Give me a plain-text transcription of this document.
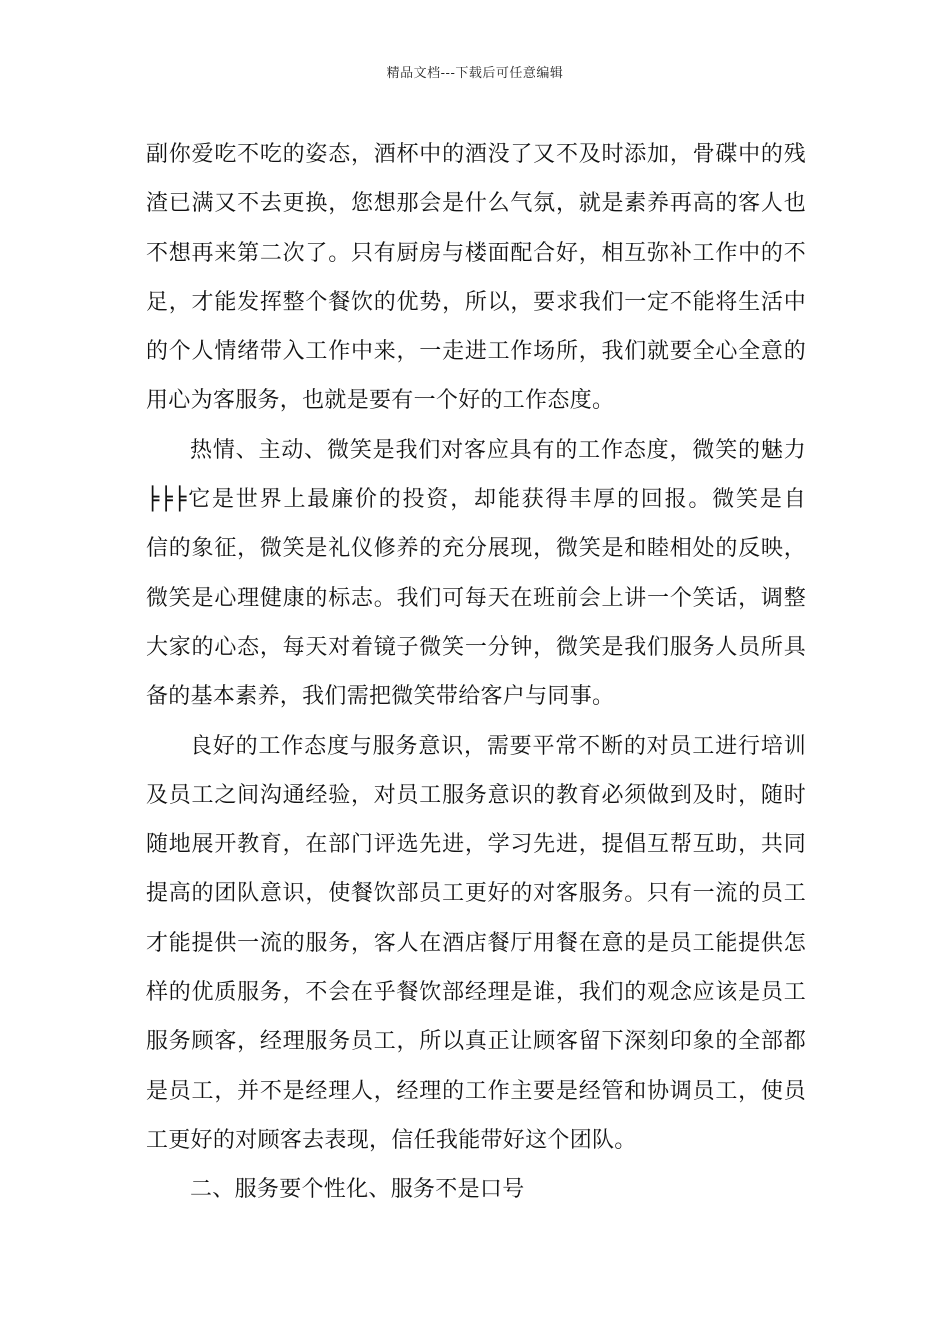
精品文档---下载后可任意编辑
副你爱吃不吃的姿态，酒杯中的酒没了又不及时添加，骨碟中的残
渣已满又不去更换，您想那会是什么气氛，就是素养再高的客人也
不想再来第二次了。只有厨房与楼面配合好，相互弥补工作中的不
足，才能发挥整个餐饮的优势，所以，要求我们一定不能将生活中
的个人情绪带入工作中来，一走进工作场所，我们就要全心全意的
用心为客服务，也就是要有一个好的工作态度。
热情、主动、微笑是我们对客应具有的工作态度，微笑的魅力
╞╞╞它是世界上最廉价的投资，却能获得丰厚的回报。微笑是自
信的象征，微笑是礼仪修养的充分展现，微笑是和睦相处的反映，
微笑是心理健康的标志。我们可每天在班前会上讲一个笑话，调整
大家的心态，每天对着镜子微笑一分钟，微笑是我们服务人员所具
备的基本素养，我们需把微笑带给客户与同事。
良好的工作态度与服务意识，需要平常不断的对员工进行培训
及员工之间沟通经验，对员工服务意识的教育必须做到及时，随时
随地展开教育，在部门评选先进，学习先进，提倡互帮互助，共同
提高的团队意识，使餐饮部员工更好的对客服务。只有一流的员工
才能提供一流的服务，客人在酒店餐厅用餐在意的是员工能提供怎
样的优质服务，不会在乎餐饮部经理是谁，我们的观念应该是员工
服务顾客，经理服务员工，所以真正让顾客留下深刻印象的全部都
是员工，并不是经理人，经理的工作主要是经管和协调员工，使员
工更好的对顾客去表现，信任我能带好这个团队。
二、服务要个性化、服务不是口号
